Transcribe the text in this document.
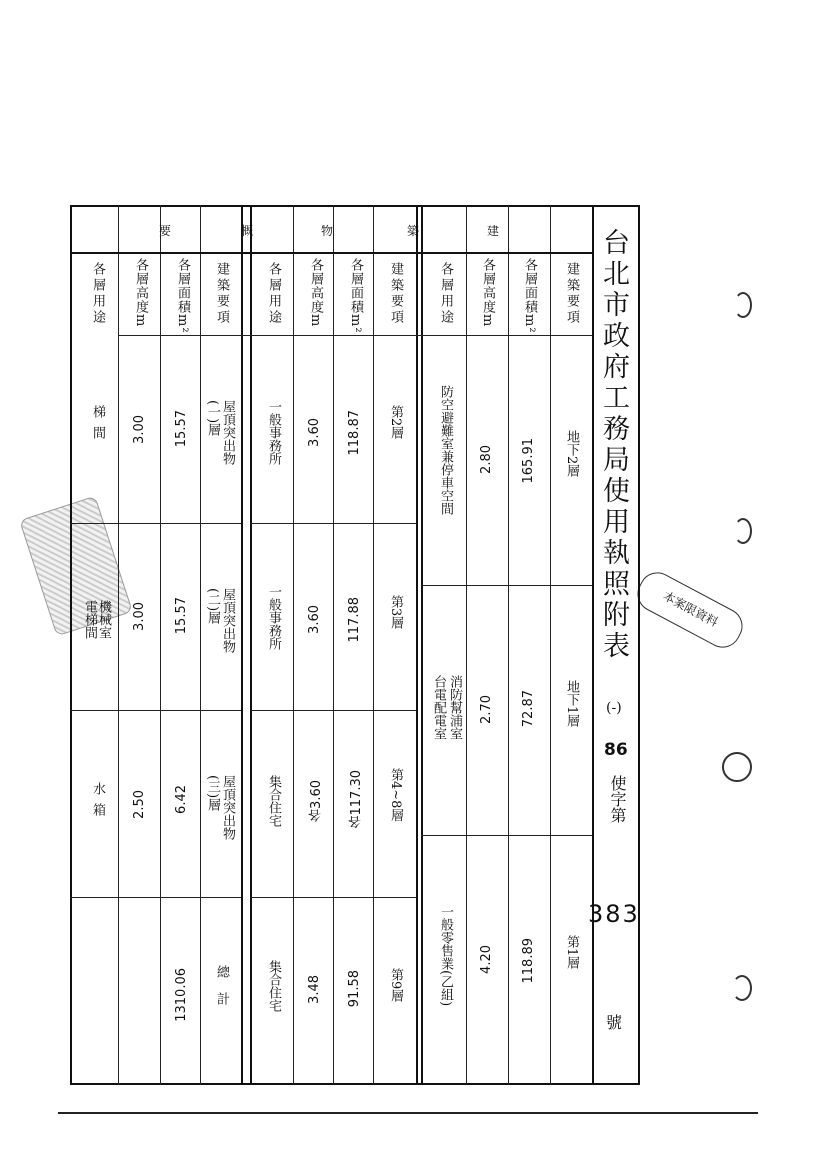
本案限資料
台北市政府工務局使用執照附表
(-)
86
使字第
383
號
建
築
物
概
要
建築要項
各層面積m²
各層高度m
各層用途
地下2層
165.91
2.80
防空避難室兼停車空間
地下1層
72.87
2.70
消防幫浦室
台電配電室
第1層
118.89
4.20
一般零售業(乙組)
建築要項
各層面積m²
各層高度m
各層用途
第2層
118.87
3.60
一般事務所
第3層
117.88
3.60
一般事務所
第4~8層
各117.30
各3.60
集合住宅
第9層
91.58
3.48
集合住宅
建築要項
各層面積m²
各層高度m
各層用途
屋頂突出物(一)層
15.57
3.00
梯間
屋頂突出物(二)層
15.57
3.00
機械室
電梯間
屋頂突出物(三)層
6.42
2.50
水箱
總計
1310.06
